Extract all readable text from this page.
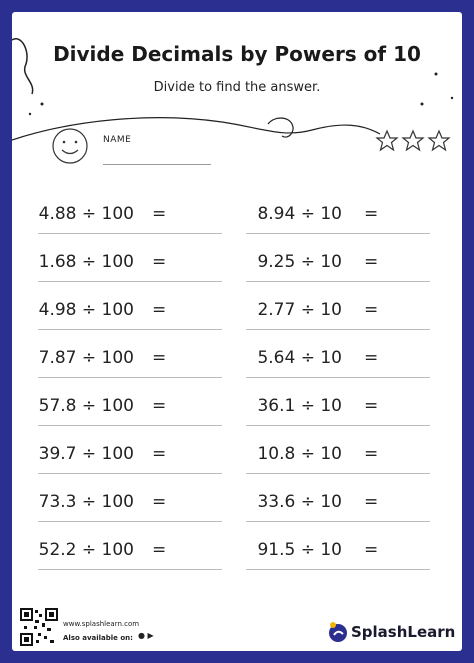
Divide Decimals by Powers of 10
Divide to find the answer.
NAME
4.88 ÷ 100 =
1.68 ÷ 100 =
4.98 ÷ 100 =
7.87 ÷ 100 =
57.8 ÷ 100 =
39.7 ÷ 100 =
73.3 ÷ 100 =
52.2 ÷ 100 =
8.94 ÷ 10 =
9.25 ÷ 10 =
2.77 ÷ 10 =
5.64 ÷ 10 =
36.1 ÷ 10 =
10.8 ÷ 10 =
33.6 ÷ 10 =
91.5 ÷ 10 =
www.splashlearn.com
Also available on: ● ▶	SplashLearn
